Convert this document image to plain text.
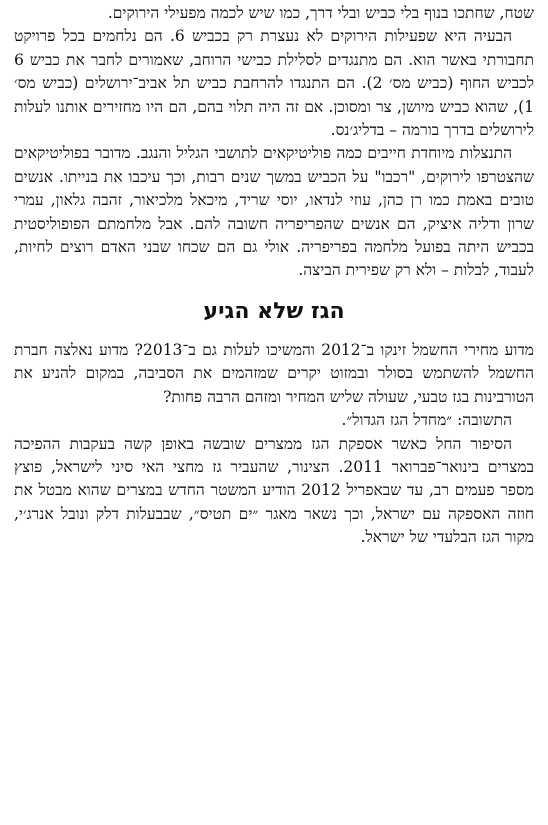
שטח, שחתכו בנוף בלי כביש ובלי דרך, כמו שיש לכמה מפעילי הירוקים.

הבעיה היא שפעילות הירוקים לא נעצרת רק בכביש 6. הם נלחמים בכל פרויקט תחבורתי באשר הוא. הם מתנגדים לסלילת כבישי הרוחב, שאמורים לחבר את כביש 6 לכביש החוף (כביש מס׳ 2). הם התנגדו להרחבת כביש תל אביב־ירושלים (כביש מס׳ 1), שהוא כביש מיושן, צר ומסוכן. אם זה היה תלוי בהם, הם היו מחזירים אותנו לעלות לירושלים בדרך בורמה – בדליג׳נס.

התנצלות מיוחדת חייבים כמה פוליטיקאים לתושבי הגליל והנגב. מדובר בפוליטיקאים שהצטרפו לירוקים, "רכבו" על הכביש במשך שנים רבות, וכך עיכבו את בנייתו. אנשים טובים באמת כמו רן כהן, עוזי לנדאו, יוסי שריד, מיכאל מלכיאור, זהבה גלאון, עמרי שרון ודליה איציק, הם אנשים שהפריפריה חשובה להם. אבל מלחמתם הפופוליסטית בכביש היתה בפועל מלחמה בפריפריה. אולי גם הם שכחו שבני האדם רוצים לחיות, לעבוד, לבלות – ולא רק שפירית הביצה.

הגז שלא הגיע

מדוע מחירי החשמל זינקו ב־2012 והמשיכו לעלות גם ב־2013? מדוע נאלצה חברת החשמל להשתמש בסולר ובמזוט יקרים שמזהמים את הסביבה, במקום להניע את הטורבינות בגז טבעי, שעולה שליש המחיר ומזהם הרבה פחות?

התשובה: ״מחדל הגז הגדול״.

הסיפור החל כאשר אספקת הגז ממצרים שובשה באופן קשה בעקבות ההפיכה במצרים בינואר־פברואר 2011. הצינור, שהעביר גז מחצי האי סיני לישראל, פוצץ מספר פעמים רב, עד שבאפריל 2012 הודיע המשטר החדש במצרים שהוא מבטל את חוזה האספקה עם ישראל, וכך נשאר מאגר ״ים תטיס״, שבבעלות דלק ונובל אנרג׳י, מקור הגז הבלעדי של ישראל.
